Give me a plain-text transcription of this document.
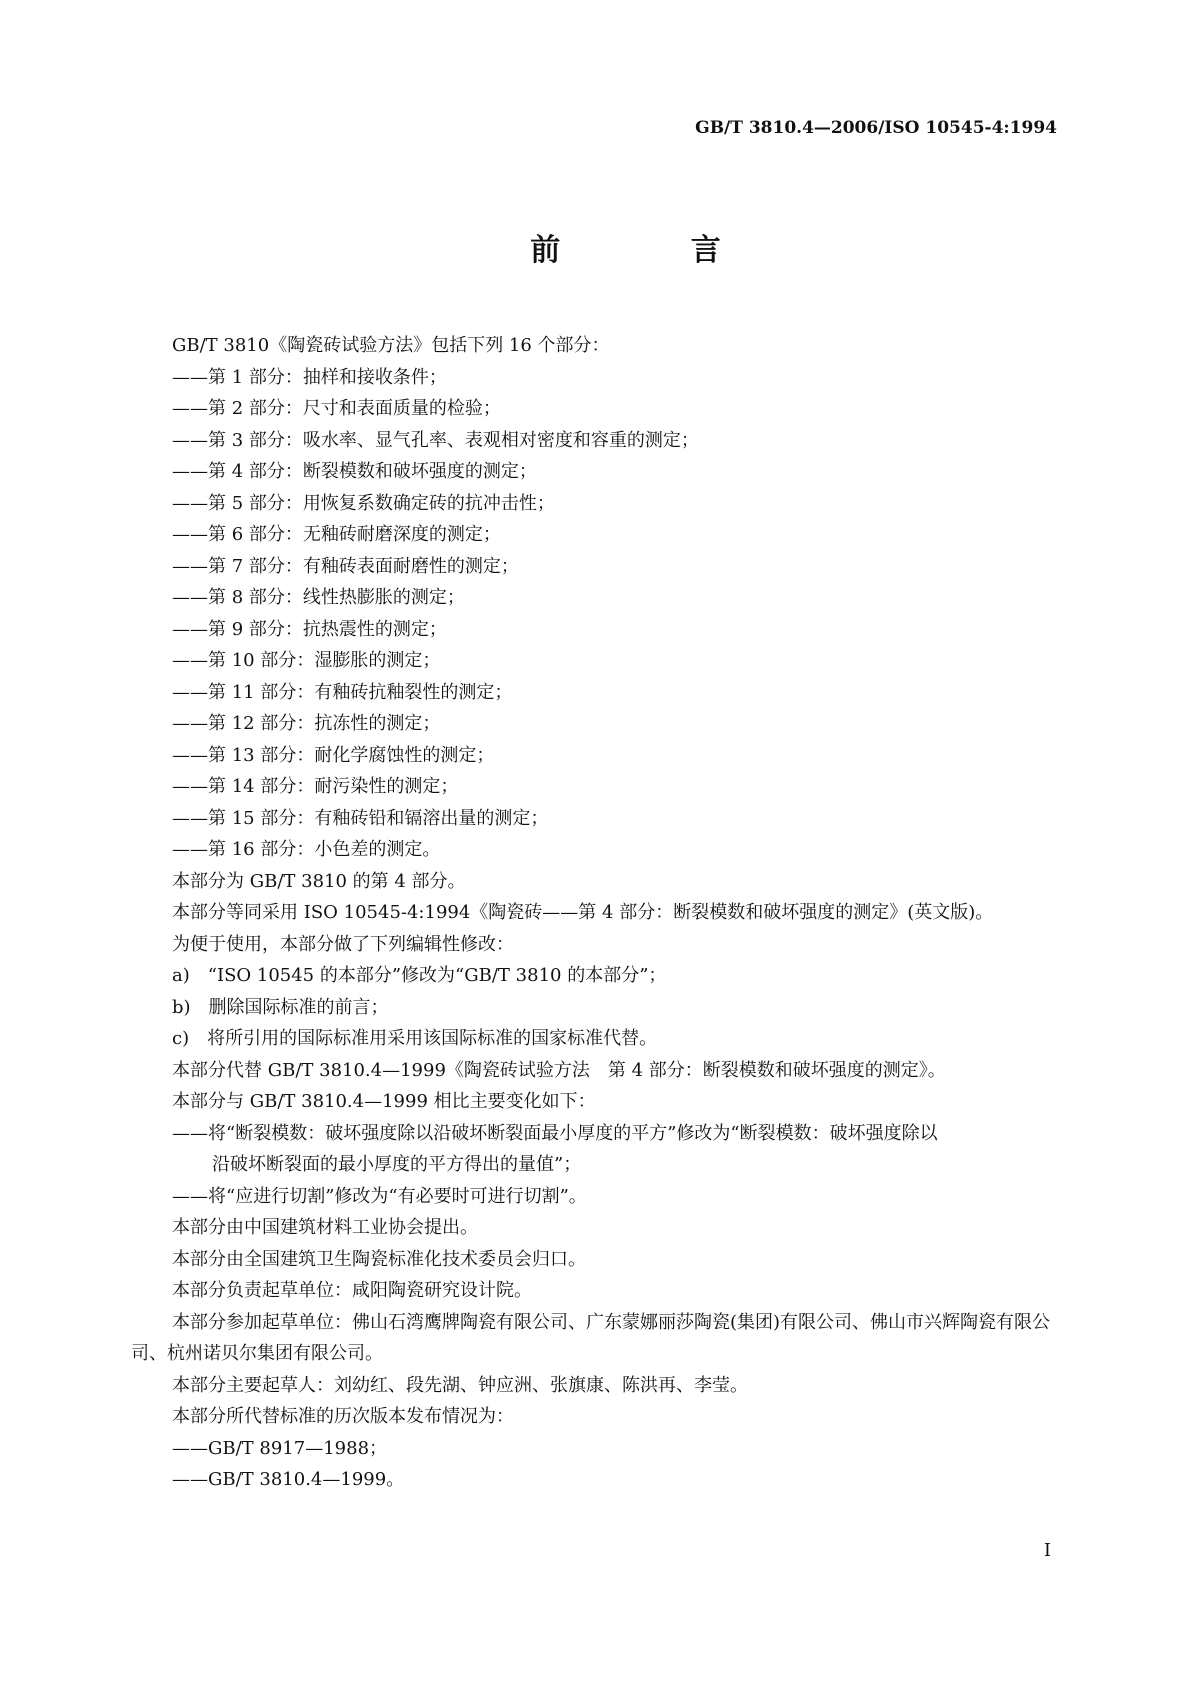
GB/T 3810.4—2006/ISO 10545-4:1994
前 言

GB/T 3810《陶瓷砖试验方法》包括下列 16 个部分：

——第 1 部分：抽样和接收条件；

——第 2 部分：尺寸和表面质量的检验；

——第 3 部分：吸水率、显气孔率、表观相对密度和容重的测定；

——第 4 部分：断裂模数和破坏强度的测定；

——第 5 部分：用恢复系数确定砖的抗冲击性；

——第 6 部分：无釉砖耐磨深度的测定；

——第 7 部分：有釉砖表面耐磨性的测定；

——第 8 部分：线性热膨胀的测定；

——第 9 部分：抗热震性的测定；

——第 10 部分：湿膨胀的测定；

——第 11 部分：有釉砖抗釉裂性的测定；

——第 12 部分：抗冻性的测定；

——第 13 部分：耐化学腐蚀性的测定；

——第 14 部分：耐污染性的测定；

——第 15 部分：有釉砖铅和镉溶出量的测定；

——第 16 部分：小色差的测定。

本部分为 GB/T 3810 的第 4 部分。

本部分等同采用 ISO 10545-4:1994《陶瓷砖——第 4 部分：断裂模数和破坏强度的测定》(英文版)。

为便于使用，本部分做了下列编辑性修改：

a)　“ISO 10545 的本部分”修改为“GB/T 3810 的本部分”；

b)　删除国际标准的前言；

c)　将所引用的国际标准用采用该国际标准的国家标准代替。

本部分代替 GB/T 3810.4—1999《陶瓷砖试验方法　第 4 部分：断裂模数和破坏强度的测定》。

本部分与 GB/T 3810.4—1999 相比主要变化如下：

——将“断裂模数：破坏强度除以沿破坏断裂面最小厚度的平方”修改为“断裂模数：破坏强度除以

沿破坏断裂面的最小厚度的平方得出的量值”；

——将“应进行切割”修改为“有必要时可进行切割”。

本部分由中国建筑材料工业协会提出。

本部分由全国建筑卫生陶瓷标准化技术委员会归口。

本部分负责起草单位：咸阳陶瓷研究设计院。

本部分参加起草单位：佛山石湾鹰牌陶瓷有限公司、广东蒙娜丽莎陶瓷(集团)有限公司、佛山市兴辉陶瓷有限公司、杭州诺贝尔集团有限公司。

本部分主要起草人：刘幼红、段先湖、钟应洲、张旗康、陈洪再、李莹。

本部分所代替标准的历次版本发布情况为：

——GB/T 8917—1988；

——GB/T 3810.4—1999。

I
